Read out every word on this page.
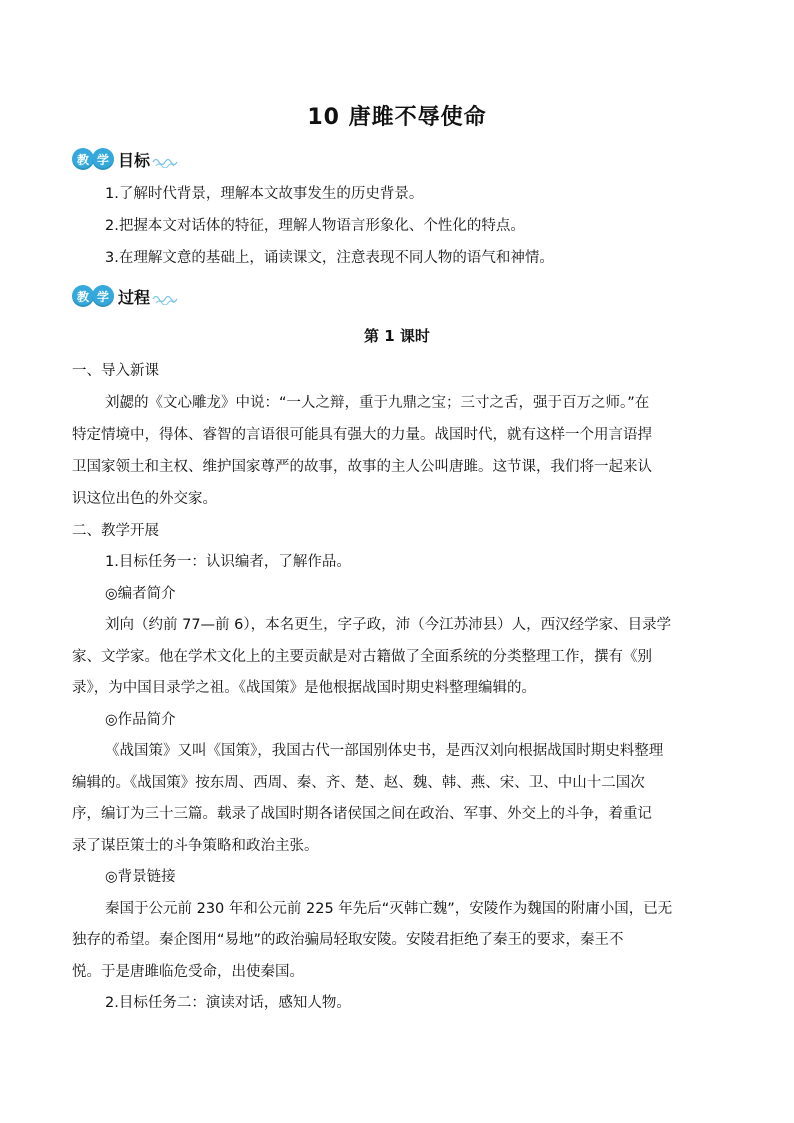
10 唐雎不辱使命
教 学 目标
1.了解时代背景，理解本文故事发生的历史背景。
2.把握本文对话体的特征，理解人物语言形象化、个性化的特点。
3.在理解文意的基础上，诵读课文，注意表现不同人物的语气和神情。
教 学 过程
第 1 课时
一、导入新课
刘勰的《文心雕龙》中说：“一人之辩，重于九鼎之宝；三寸之舌，强于百万之师。”在
特定情境中，得体、睿智的言语很可能具有强大的力量。战国时代，就有这样一个用言语捍
卫国家领土和主权、维护国家尊严的故事，故事的主人公叫唐雎。这节课，我们将一起来认
识这位出色的外交家。
二、教学开展
1.目标任务一：认识编者，了解作品。
◎编者简介
刘向（约前 77—前 6），本名更生，字子政，沛（今江苏沛县）人，西汉经学家、目录学
家、文学家。他在学术文化上的主要贡献是对古籍做了全面系统的分类整理工作，撰有《别
录》，为中国目录学之祖。《战国策》是他根据战国时期史料整理编辑的。
◎作品简介
《战国策》又叫《国策》，我国古代一部国别体史书，是西汉刘向根据战国时期史料整理
编辑的。《战国策》按东周、西周、秦、齐、楚、赵、魏、韩、燕、宋、卫、中山十二国次
序，编订为三十三篇。载录了战国时期各诸侯国之间在政治、军事、外交上的斗争，着重记
录了谋臣策士的斗争策略和政治主张。
◎背景链接
秦国于公元前 230 年和公元前 225 年先后“灭韩亡魏”，安陵作为魏国的附庸小国，已无
独存的希望。秦企图用“易地”的政治骗局轻取安陵。安陵君拒绝了秦王的要求，秦王不
悦。于是唐雎临危受命，出使秦国。
2.目标任务二：演读对话，感知人物。
